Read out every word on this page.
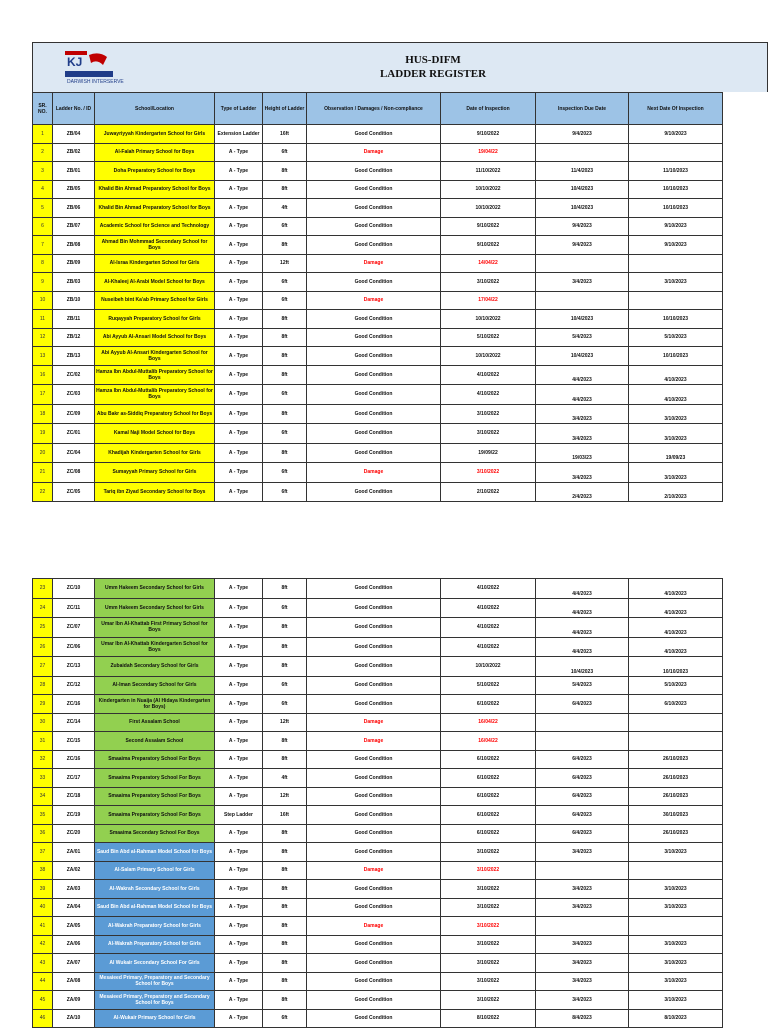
KJ
DARWISH INTERSERVE
HUS-DIFM
LADDER REGISTER
SR. NO.	Ladder No. / ID	School/Location	Type of Ladder	Height of Ladder	Observation / Damages / Non-compliance	Date of Inspection	Inspection Due Date	Next Date Of Inspection
1	ZB/04	Juwayriyyah Kindergarten School for Girls	Extension Ladder	16ft	Good Condition	9/10/2022	9/4/2023	9/10/2023
2	ZB/02	Al-Falah Primary School for Boys	A - Type	6ft	Damage	19/04/22		
3	ZB/01	Doha Preparatory School for Boys	A - Type	8ft	Good Condition	11/10/2022	11/4/2023	11/10/2023
4	ZB/05	Khalid Bin Ahmad Preparatory School for Boys	A - Type	8ft	Good Condition	10/10/2022	10/4/2023	10/10/2023
5	ZB/06	Khalid Bin Ahmad Preparatory School for Boys	A - Type	4ft	Good Condition	10/10/2022	10/4/2023	10/10/2023
6	ZB/07	Academic School for Science and Technology	A - Type	6ft	Good Condition	9/10/2022	9/4/2023	9/10/2023
7	ZB/08	Ahmad Bin Mohmmad Secondary School for Boys	A - Type	8ft	Good Condition	9/10/2022	9/4/2023	9/10/2023
8	ZB/09	Al-Israa Kindergarten School for Girls	A - Type	12ft	Damage	14/04/22		
9	ZB/03	Al-Khaleej Al-Arabi Model School for Boys	A - Type	6ft	Good Condition	3/10/2022	3/4/2023	3/10/2023
10	ZB/10	Nuseibeh bint Ka'ab Primary School for Girls	A - Type	6ft	Damage	17/04/22		
11	ZB/11	Ruqayyah Preparatory School for Girls	A - Type	8ft	Good Condition	10/10/2022	10/4/2023	10/10/2023
12	ZB/12	Abi Ayyub Al-Ansari Model School for Boys	A - Type	8ft	Good Condition	5/10/2022	5/4/2023	5/10/2023
13	ZB/13	Abi Ayyub Al-Ansari Kindergarten School for Boys	A - Type	8ft	Good Condition	10/10/2022	10/4/2023	10/10/2023
16	ZC/02	Hamza Ibn Abdul-Muttalib Preparatory School for Boys	A - Type	8ft	Good Condition	4/10/2022	4/4/2023	4/10/2023
17	ZC/03	Hamza Ibn Abdul-Muttalib Preparatory School for Boys	A - Type	6ft	Good Condition	4/10/2022	4/4/2023	4/10/2023
18	ZC/09	Abu Bakr as-Siddiq Preparatory School for Boys	A - Type	8ft	Good Condition	3/10/2022	3/4/2023	3/10/2023
19	ZC/01	Kamal Naji Model School for Boys	A - Type	6ft	Good Condition	3/10/2022	3/4/2023	3/10/2023
20	ZC/04	Khadijah Kindergarten School for Girls	A - Type	8ft	Good Condition	19/09/22	19/03/23	19/09/23
21	ZC/08	Sumayyah Primary School for Girls	A - Type	6ft	Damage	3/10/2022	3/4/2023	3/10/2023
22	ZC/05	Tariq ibn Ziyad Secondary School for Boys	A - Type	6ft	Good Condition	2/10/2022	2/4/2023	2/10/2023
23	ZC/10	Umm Hakeem Secondary School for Girls	A - Type	8ft	Good Condition	4/10/2022	4/4/2023	4/10/2023
24	ZC/11	Umm Hakeem Secondary School for Girls	A - Type	6ft	Good Condition	4/10/2022	4/4/2023	4/10/2023
25	ZC/07	Umar Ibn Al-Khattab First Primary School for Boys	A - Type	8ft	Good Condition	4/10/2022	4/4/2023	4/10/2023
26	ZC/06	Umar Ibn Al-Khattab Kindergarten School for Boys	A - Type	8ft	Good Condition	4/10/2022	4/4/2023	4/10/2023
27	ZC/13	Zubaidah Secondary School for Girls	A - Type	8ft	Good Condition	10/10/2022	10/4/2023	10/10/2023
28	ZC/12	Al-Iman Secondary School for Girls	A - Type	6ft	Good Condition	5/10/2022	5/4/2023	5/10/2023
29	ZC/16	Kindergarten in Nuaija (Al Hidaya Kindergarten for Boys)	A - Type	6ft	Good Condition	6/10/2022	6/4/2023	6/10/2023
30	ZC/14	First Assalam School	A - Type	12ft	Damage	16/04/22		
31	ZC/15	Second Assalam School	A - Type	8ft	Damage	16/04/22		
32	ZC/16	Smaaima Preparatory School For Boys	A - Type	8ft	Good Condition	6/10/2022	6/4/2023	26/10/2023
33	ZC/17	Smaaima Preparatory School For Boys	A - Type	4ft	Good Condition	6/10/2022	6/4/2023	26/10/2023
34	ZC/18	Smaaima Preparatory School For Boys	A - Type	12ft	Good Condition	6/10/2022	6/4/2023	26/10/2023
35	ZC/19	Smaaima Preparatory School For Boys	Step Ladder	16ft	Good Condition	6/10/2022	6/4/2023	30/10/2023
36	ZC/20	Smaaima Secondary School For Boys	A - Type	8ft	Good Condition	6/10/2022	6/4/2023	26/10/2023
37	ZA/01	Saud Bin Abd al-Rahman Model School for Boys	A - Type	8ft	Good Condition	3/10/2022	3/4/2023	3/10/2023
38	ZA/02	Al-Salam Primary School for Girls	A - Type	8ft	Damage	3/10/2022		
39	ZA/03	Al-Wakrah Secondary School for Girls	A - Type	8ft	Good Condition	3/10/2022	3/4/2023	3/10/2023
40	ZA/04	Saud Bin Abd al-Rahman Model School for Boys	A - Type	8ft	Good Condition	3/10/2022	3/4/2023	3/10/2023
41	ZA/05	Al-Wakrah Preparatory School for Girls	A - Type	8ft	Damage	3/10/2022		
42	ZA/06	Al-Wakrah Preparatory School for Girls	A - Type	8ft	Good Condition	3/10/2022	3/4/2023	3/10/2023
43	ZA/07	Al Wukair Secondary School For Girls	A - Type	8ft	Good Condition	3/10/2022	3/4/2023	3/10/2023
44	ZA/08	Mesaieed Primary, Preparatory and Secondary School for Boys	A - Type	8ft	Good Condition	3/10/2022	3/4/2023	3/10/2023
45	ZA/09	Mesaieed Primary, Preparatory and Secondary School for Boys	A - Type	8ft	Good Condition	3/10/2022	3/4/2023	3/10/2023
46	ZA/10	Al-Wukair Primary School for Girls	A - Type	6ft	Good Condition	8/10/2022	8/4/2023	8/10/2023
